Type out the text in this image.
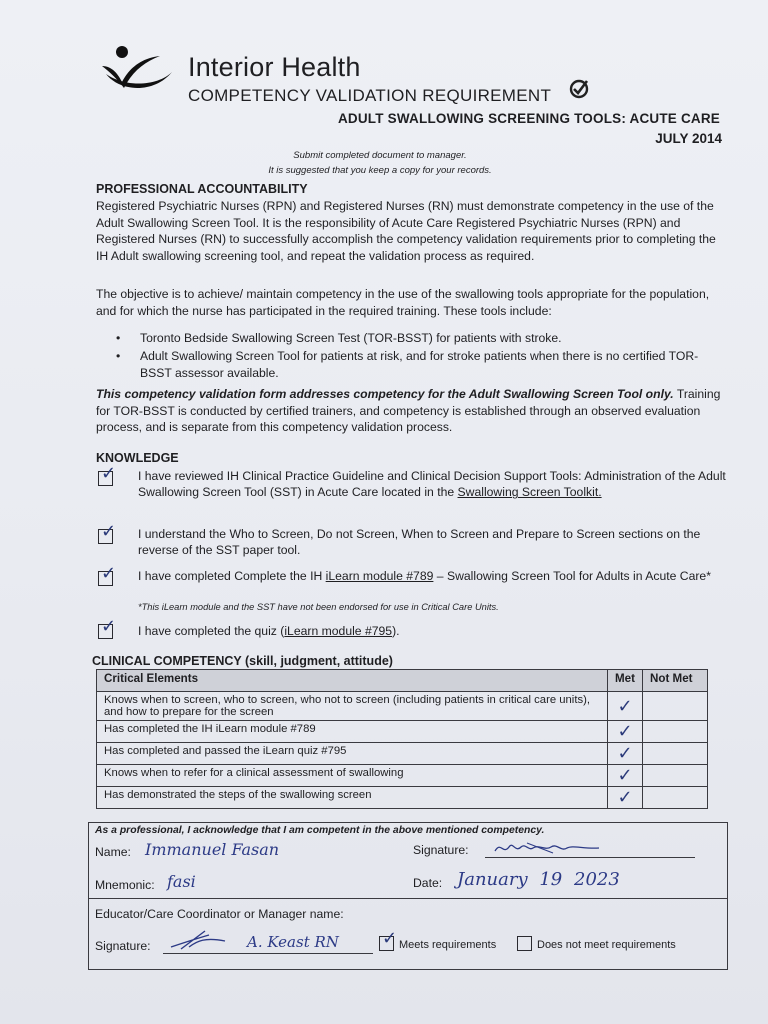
Interior Health
COMPETENCY VALIDATION REQUIREMENT
ADULT SWALLOWING SCREENING TOOLS: ACUTE CARE
JULY 2014
Submit completed document to manager.
It is suggested that you keep a copy for your records.
PROFESSIONAL ACCOUNTABILITY
Registered Psychiatric Nurses (RPN) and Registered Nurses (RN) must demonstrate competency in the use of the Adult Swallowing Screen Tool. It is the responsibility of Acute Care Registered Psychiatric Nurses (RPN) and Registered Nurses (RN) to successfully accomplish the competency validation requirements prior to completing the IH Adult swallowing screening tool, and repeat the validation process as required.
The objective is to achieve/ maintain competency in the use of the swallowing tools appropriate for the population, and for which the nurse has participated in the required training. These tools include:
• Toronto Bedside Swallowing Screen Test (TOR-BSST) for patients with stroke.
• Adult Swallowing Screen Tool for patients at risk, and for stroke patients when there is no certified TOR-BSST assessor available.
This competency validation form addresses competency for the Adult Swallowing Screen Tool only. Training for TOR-BSST is conducted by certified trainers, and competency is established through an observed evaluation process, and is separate from this competency validation process.
KNOWLEDGE
✓ I have reviewed IH Clinical Practice Guideline and Clinical Decision Support Tools: Administration of the Adult Swallowing Screen Tool (SST) in Acute Care located in the Swallowing Screen Toolkit.
✓ I understand the Who to Screen, Do not Screen, When to Screen and Prepare to Screen sections on the reverse of the SST paper tool.
✓ I have completed Complete the IH iLearn module #789 – Swallowing Screen Tool for Adults in Acute Care*
*This iLearn module and the SST have not been endorsed for use in Critical Care Units.
✓ I have completed the quiz (iLearn module #795).
CLINICAL COMPETENCY (skill, judgment, attitude)
Critical Elements	Met	Not Met
Knows when to screen, who to screen, who not to screen (including patients in critical care units), and how to prepare for the screen	✓	
Has completed the IH iLearn module #789	✓	
Has completed and passed the iLearn quiz #795	✓	
Knows when to refer for a clinical assessment of swallowing	✓	
Has demonstrated the steps of the swallowing screen	✓	
As a professional, I acknowledge that I am competent in the above mentioned competency.
Name: Immanuel Fasan	Signature:
Mnemonic: fasi	Date: January 19 2023
Educator/Care Coordinator or Manager name:
Signature:	A. Keast RN ✓ Meets requirements	Does not meet requirements
